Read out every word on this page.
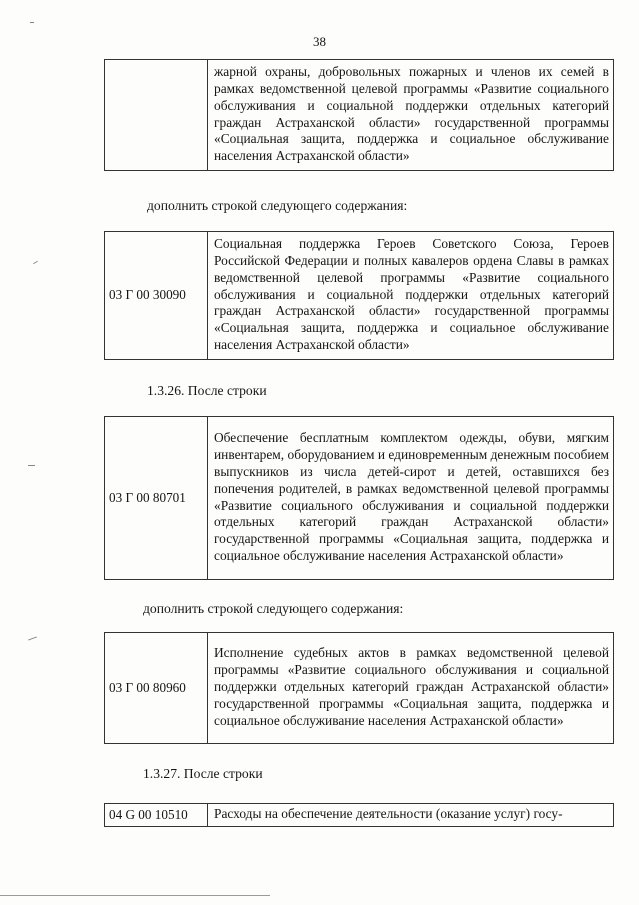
38
	жарной охраны, добровольных пожарных и членов их семей в рамках ведомственной целевой программы «Развитие социального обслуживания и социальной поддержки отдельных категорий граждан Астраханской области» государственной программы «Социальная защита, поддержка и социальное обслуживание населения Астраханской области»
дополнить строкой следующего содержания:
03 Г 00 30090	Социальная поддержка Героев Советского Союза, Героев Российской Федерации и полных кавалеров ордена Славы в рамках ведомственной целевой программы «Развитие социального обслуживания и социальной поддержки отдельных категорий граждан Астраханской области» государственной программы «Социальная защита, поддержка и социальное обслуживание населения Астраханской области»
1.3.26. После строки
03 Г 00 80701	Обеспечение бесплатным комплектом одежды, обуви, мягким инвентарем, оборудованием и единовременным денежным пособием выпускников из числа детей-сирот и детей, оставшихся без попечения родителей, в рамках ведомственной целевой программы «Развитие социального обслуживания и социальной поддержки отдельных категорий граждан Астраханской области» государственной программы «Социальная защита, поддержка и социальное обслуживание населения Астраханской области»
дополнить строкой следующего содержания:
03 Г 00 80960	Исполнение судебных актов в рамках ведомственной целевой программы «Развитие социального обслуживания и социальной поддержки отдельных категорий граждан Астраханской области» государственной программы «Социальная защита, поддержка и социальное обслуживание населения Астраханской области»
1.3.27. После строки
04 G 00 10510	Расходы на обеспечение деятельности (оказание услуг) госу-
